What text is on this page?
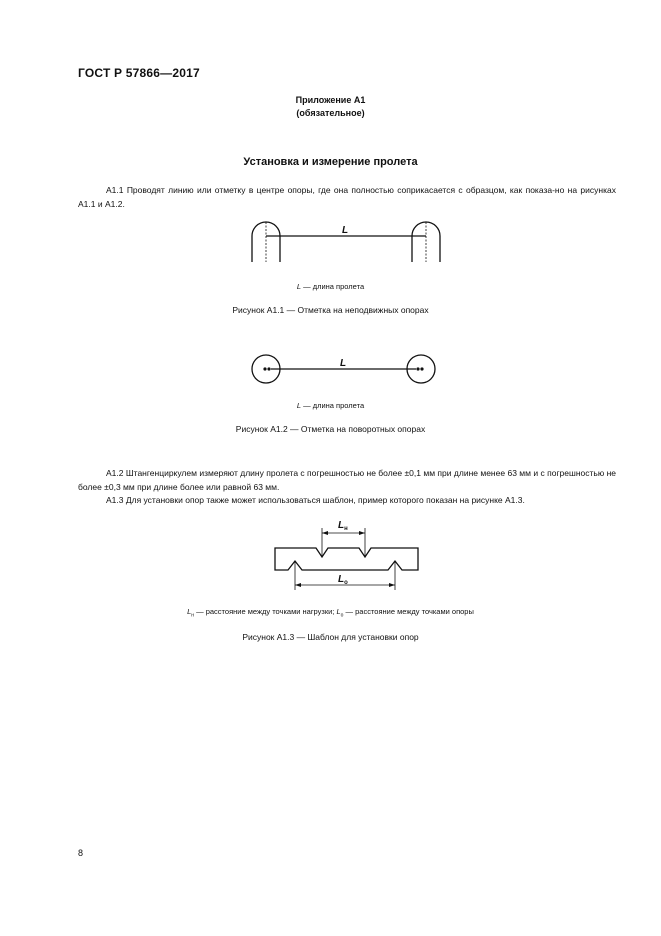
ГОСТ Р 57866—2017
Приложение А1
(обязательное)
Установка и измерение пролета
А1.1 Проводят линию или отметку в центре опоры, где она полностью соприкасается с образцом, как показа-но на рисунках А1.1 и А1.2.
L
L — длина пролета
Рисунок А1.1 — Отметка на неподвижных опорах
L
L — длина пролета
Рисунок А1.2 — Отметка на поворотных опорах
А1.2 Штангенциркулем измеряют длину пролета с погрешностью не более ±0,1 мм при длине менее 63 мм и с погрешностью не более ±0,3 мм при длине более или равной 63 мм.
А1.3 Для установки опор также может использоваться шаблон, пример которого показан на рисунке А1.3.
$L_н$
$L_о$
$L_н$ — расстояние между точками нагрузки; $L_о$ — расстояние между точками опоры
Рисунок А1.3 — Шаблон для установки опор
8
